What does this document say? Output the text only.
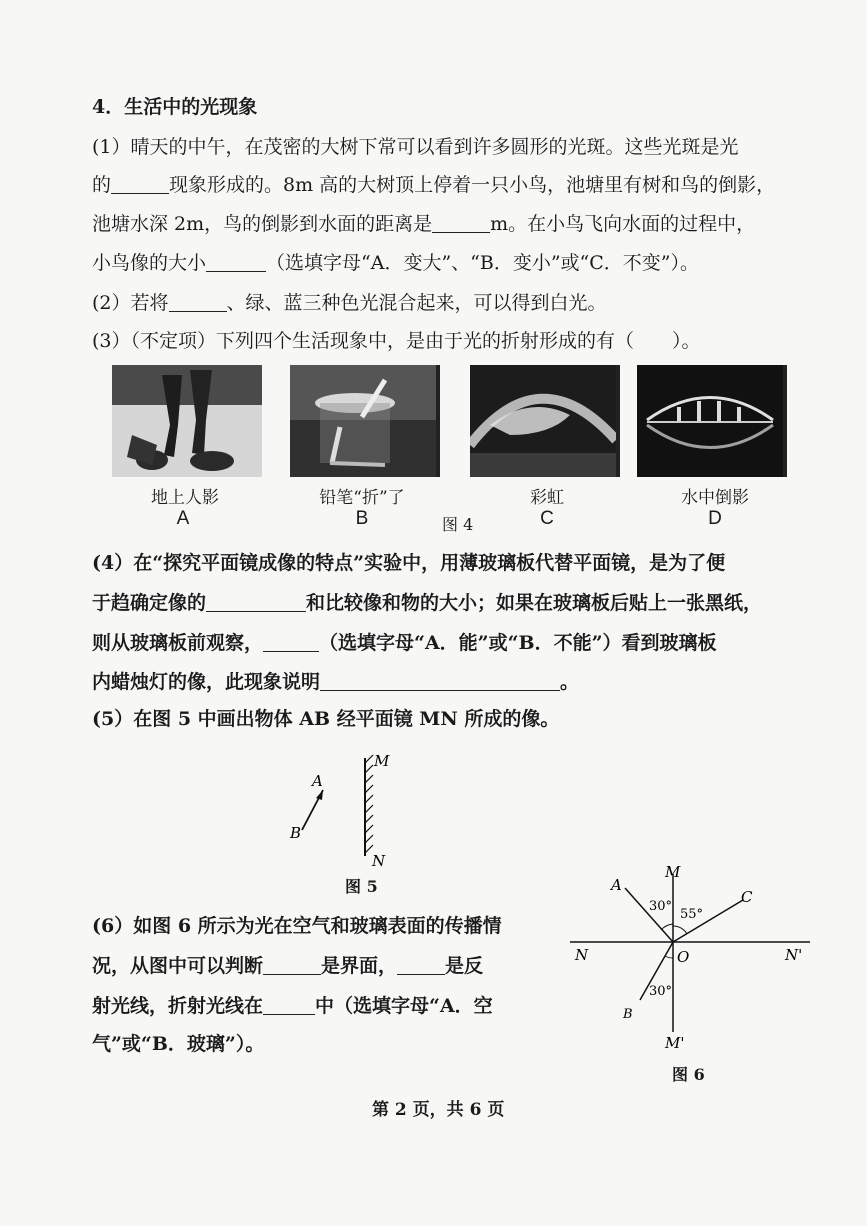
4．生活中的光现象
(1）晴天的中午，在茂密的大树下常可以看到许多圆形的光斑。这些光斑是光
的	现象形成的。8m 高的大树顶上停着一只小鸟，池塘里有树和鸟的倒影，
池塘水深 2m，鸟的倒影到水面的距离是	m。在小鸟飞向水面的过程中，
小鸟像的大小	（选填字母“A．变大”、“B．变小”或“C．不变”）。
(2）若将	、绿、蓝三种色光混合起来，可以得到白光。
(3）（不定项）下列四个生活现象中，是由于光的折射形成的有（　　）。
地上人影
A
铅笔“折”了
B	图 4
彩虹
C
水中倒影
D
(4）在“探究平面镜成像的特点”实验中，用薄玻璃板代替平面镜，是为了便
于趋确定像的	和比较像和物的大小；如果在玻璃板后贴上一张黑纸，
则从玻璃板前观察，	（选填字母“A．能”或“B．不能”）看到玻璃板
内蜡烛灯的像，此现象说明	。
(5）在图 5 中画出物体 AB 经平面镜 MN 所成的像。
A
B
M
N
图 5
(6）如图 6 所示为光在空气和玻璃表面的传播情
况，从图中可以判断	是界面，	是反
射光线，折射光线在	中（选填字母“A．空
气”或“B．玻璃”）。
M
A
C
N	O	N'
B
M'
30°
55°
30°
图 6
第 2 页，共 6 页
